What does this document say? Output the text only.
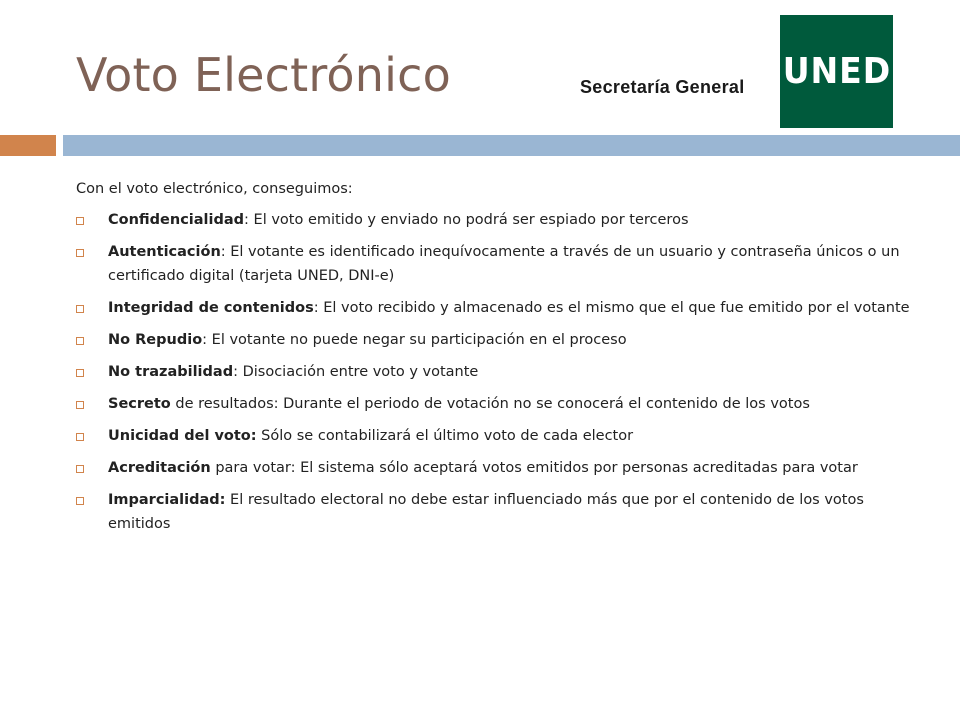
Voto Electrónico	Secretaría General UNED
Con el voto electrónico, conseguimos:
Confidencialidad: El voto emitido y enviado no podrá ser espiado por terceros
Autenticación: El votante es identificado inequívocamente a través de un usuario y contraseña únicos o un certificado digital (tarjeta UNED, DNI-e)
Integridad de contenidos: El voto recibido y almacenado es el mismo que el que fue emitido por el votante
No Repudio: El votante no puede negar su participación en el proceso
No trazabilidad: Disociación entre voto y votante
Secreto de resultados: Durante el periodo de votación no se conocerá el contenido de los votos
Unicidad del voto: Sólo se contabilizará el último voto de cada elector
Acreditación para votar: El sistema sólo aceptará votos emitidos por personas acreditadas para votar
Imparcialidad: El resultado electoral no debe estar influenciado más que por el contenido de los votos emitidos
